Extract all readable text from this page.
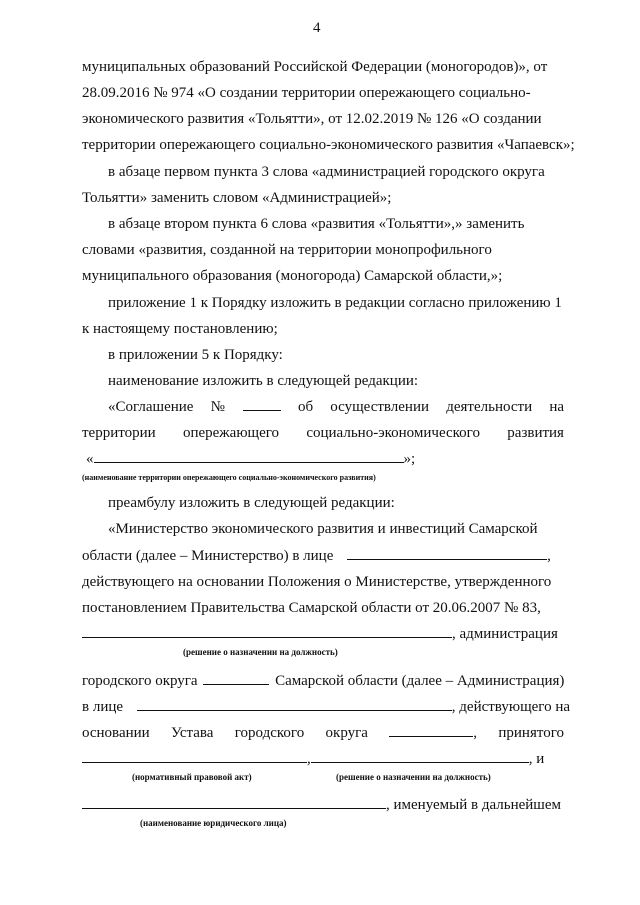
4
муниципальных образований Российской Федерации (моногородов)», от
28.09.2016 № 974 «О создании территории опережающего социально-
экономического развития «Тольятти», от 12.02.2019 № 126 «О создании
территории опережающего социально-экономического развития «Чапаевск»;
в абзаце первом пункта 3 слова «администрацией городского округа
Тольятти» заменить словом «Администрацией»;
в абзаце втором пункта 6 слова «развития «Тольятти»,» заменить
словами «развития, созданной на территории монопрофильного
муниципального образования (моногорода) Самарской области,»;
приложение 1 к Порядку изложить в редакции согласно приложению 1
к настоящему постановлению;
в приложении 5 к Порядку:
наименование изложить в следующей редакции:
«Соглашение №	об осуществлении деятельности на
территории опережающего социально-экономического развития
«	»;
(наименование территории опережающего социально-экономического развития)
преамбулу изложить в следующей редакции:
«Министерство экономического развития и инвестиций Самарской
области (далее – Министерство) в лице	,
действующего на основании Положения о Министерстве, утвержденного
постановлением Правительства Самарской области от 20.06.2007 № 83,
, администрация
(решение о назначении на должность)
городского округа	Самарской области (далее – Администрация)
в лице	, действующего на
основании Устава городского округа	, принятого
,	, и
(нормативный правовой акт)	(решение о назначении на должность)
, именуемый в дальнейшем
(наименование юридического лица)
